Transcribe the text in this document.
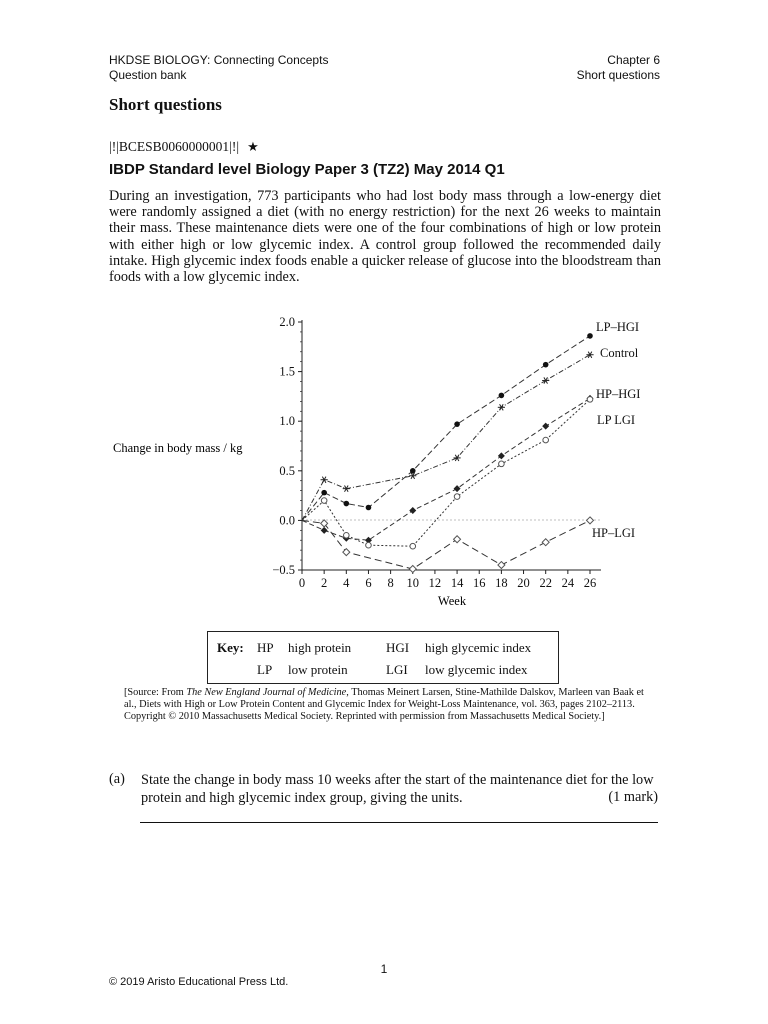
HKDSE BIOLOGY: Connecting Concepts
Question bank
Chapter 6
Short questions
Short questions
|!|BCESB0060000001|!| ★
IBDP Standard level Biology Paper 3 (TZ2) May 2014 Q1

During an investigation, 773 participants who had lost body mass through a low-energy diet were randomly assigned a diet (with no energy restriction) for the next 26 weeks to maintain their mass. These maintenance diets were one of the four combinations of high or low protein with either high or low glycemic index. A control group followed the recommended daily intake. High glycemic index foods enable a quicker release of glucose into the bloodstream than foods with a low glycemic index.

0 2 4 6 8 10 12 14 16 18 20 22 24 26
−0.5
0.0
0.5
1.0
1.5
2.0	LP–HGI
Control
HP–HGI
LP LGI
HP–LGI
Week
Change in body mass / kg
Key: HP high protein	HGI high glycemic index
LP low protein	LGI low glycemic index

[Source: From The New England Journal of Medicine, Thomas Meinert Larsen, Stine-Mathilde Dalskov, Marleen van Baak et al., Diets with High or Low Protein Content and Glycemic Index for Weight-Loss Maintenance, vol. 363, pages 2102–2113. Copyright © 2010 Massachusetts Medical Society. Reprinted with permission from Massachusetts Medical Society.]

(a) State the change in body mass 10 weeks after the start of the maintenance diet for the low protein and high glycemic index group, giving the units.	(1 mark)
1
© 2019 Aristo Educational Press Ltd.
